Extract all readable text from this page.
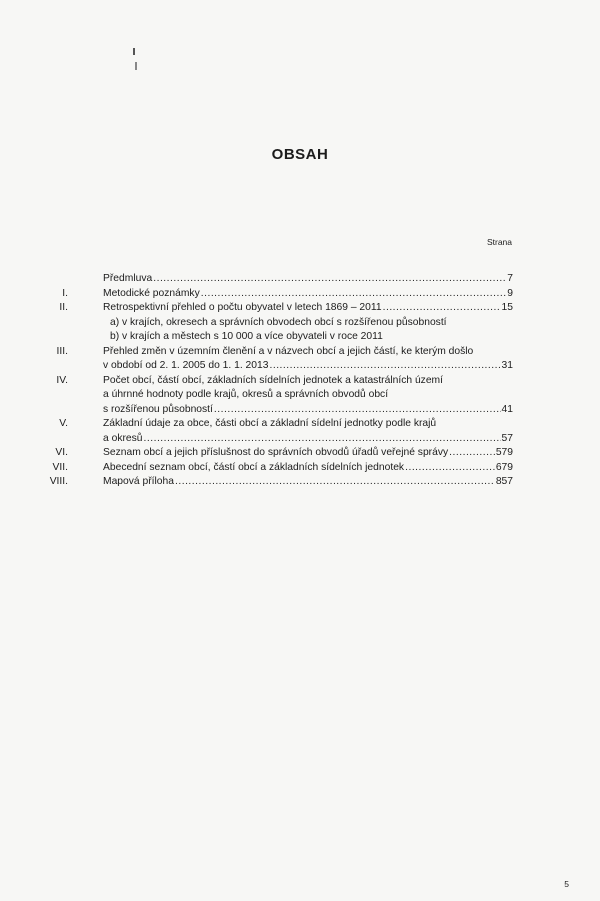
OBSAH
Strana
Předmluva .....	7
I.	Metodické poznámky .....	9
II.	Retrospektivní přehled o počtu obyvatel v letech 1869 – 2011 .....	15
a) v krajích, okresech a správních obvodech obcí s rozšířenou působností
b) v krajích a městech s 10 000 a více obyvateli v roce 2011
III.	Přehled změn v územním členění a v názvech obcí a jejich částí, ke kterým došlo
v období od 2. 1. 2005 do 1. 1. 2013 .....	31
IV.	Počet obcí, částí obcí, základních sídelních jednotek a katastrálních území
a úhrnné hodnoty podle krajů, okresů a správních obvodů obcí
s rozšířenou působností .....	41
V.	Základní údaje za obce, části obcí a základní sídelní jednotky podle krajů
a okresů .....	57
VI.	Seznam obcí a jejich příslušnost do správních obvodů úřadů veřejné správy .....	579
VII.	Abecední seznam obcí, částí obcí a základních sídelních jednotek .....	679
VIII.	Mapová příloha .....	857
5
